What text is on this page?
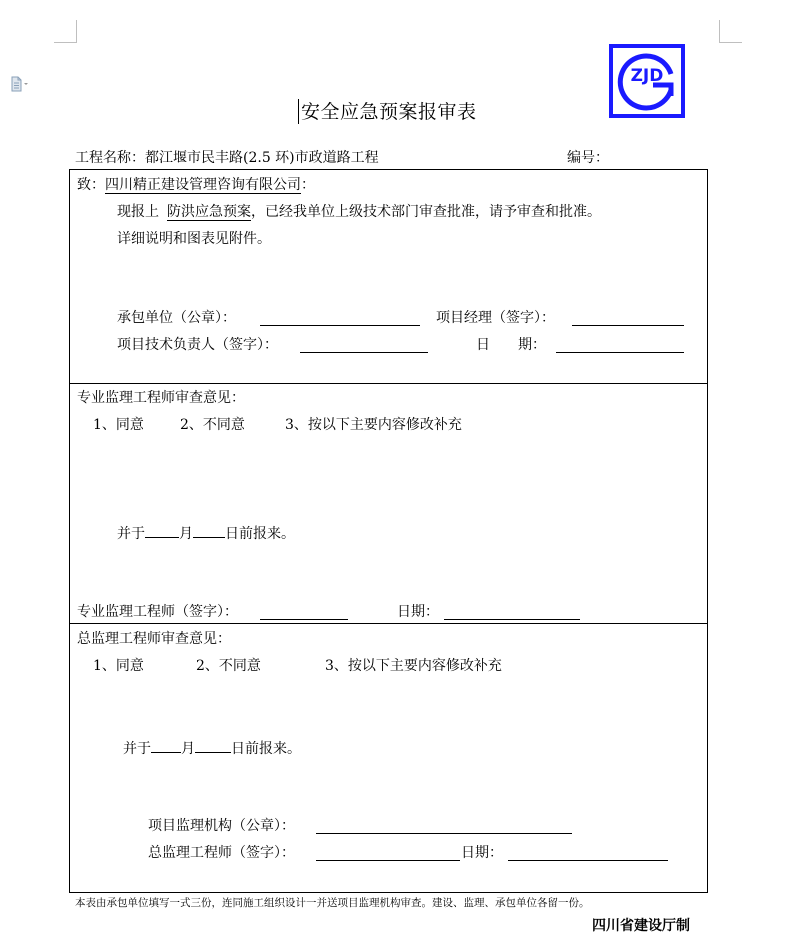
ZJD
安全应急预案报审表
工程名称：都江堰市民丰路(2.5 环)市政道路工程	编号：
致：四川精正建设管理咨询有限公司：
现报上 防洪应急预案，已经我单位上级技术部门审查批准，请予审查和批准。
详细说明和图表见附件。
承包单位（公章）：	项目经理（签字）：
项目技术负责人（签字）：	日　　期：
专业监理工程师审查意见：
1、同意	2、不同意	3、按以下主要内容修改补充
并于 月 日前报来。
专业监理工程师（签字）：	日期：
总监理工程师审查意见：
1、同意	2、不同意	3、按以下主要内容修改补充
并于 月	日前报来。
项目监理机构（公章）：
总监理工程师（签字）：	日期：
本表由承包单位填写一式三份，连同施工组织设计一并送项目监理机构审查。建设、监理、承包单位各留一份。
四川省建设厅制
